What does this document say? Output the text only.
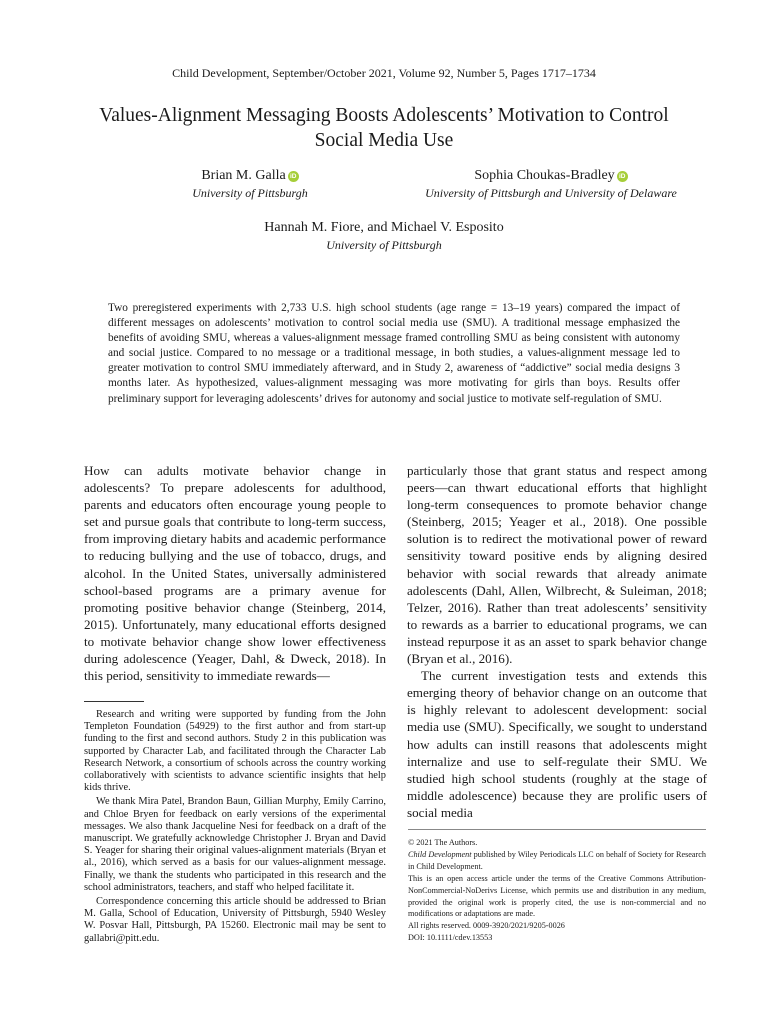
Child Development, September/October 2021, Volume 92, Number 5, Pages 1717–1734
Values-Alignment Messaging Boosts Adolescents’ Motivation to Control Social Media Use
Brian M. Galla iD
University of Pittsburgh
Sophia Choukas-Bradley iD
University of Pittsburgh and University of Delaware
Hannah M. Fiore, and Michael V. Esposito
University of Pittsburgh

Two preregistered experiments with 2,733 U.S. high school students (age range = 13–19 years) compared the impact of different messages on adolescents’ motivation to control social media use (SMU). A traditional message emphasized the benefits of avoiding SMU, whereas a values-alignment message framed controlling SMU as being consistent with autonomy and social justice. Compared to no message or a traditional message, in both studies, a values-alignment message led to greater motivation to control SMU immediately afterward, and in Study 2, awareness of “addictive” social media designs 3 months later. As hypothesized, values-alignment messaging was more motivating for girls than boys. Results offer preliminary support for leveraging adolescents’ drives for autonomy and social justice to motivate self-regulation of SMU.

How can adults motivate behavior change in adolescents? To prepare adolescents for adulthood, parents and educators often encourage young people to set and pursue goals that contribute to long-term success, from improving dietary habits and academic performance to reducing bullying and the use of tobacco, drugs, and alcohol. In the United States, universally administered school-based programs are a primary avenue for promoting positive behavior change (Steinberg, 2014, 2015). Unfortunately, many educational efforts designed to motivate behavior change show lower effectiveness during adolescence (Yeager, Dahl, & Dweck, 2018). In this period, sensitivity to immediate rewards—

particularly those that grant status and respect among peers—can thwart educational efforts that highlight long-term consequences to promote behavior change (Steinberg, 2015; Yeager et al., 2018). One possible solution is to redirect the motivational power of reward sensitivity toward positive ends by aligning desired behavior with social rewards that already animate adolescents (Dahl, Allen, Wilbrecht, & Suleiman, 2018; Telzer, 2016). Rather than treat adolescents’ sensitivity to rewards as a barrier to educational programs, we can instead repurpose it as an asset to spark behavior change (Bryan et al., 2016).

The current investigation tests and extends this emerging theory of behavior change on an outcome that is highly relevant to adolescent development: social media use (SMU). Specifically, we sought to understand how adults can instill reasons that adolescents might internalize and use to self-regulate their SMU. We studied high school students (roughly at the stage of middle adolescence) because they are prolific users of social media

Research and writing were supported by funding from the John Templeton Foundation (54929) to the first author and from start-up funding to the first and second authors. Study 2 in this publication was supported by Character Lab, and facilitated through the Character Lab Research Network, a consortium of schools across the country working collaboratively with scientists to advance scientific insights that help kids thrive.

We thank Mira Patel, Brandon Baun, Gillian Murphy, Emily Carrino, and Chloe Bryen for feedback on early versions of the experimental messages. We also thank Jacqueline Nesi for feedback on a draft of the manuscript. We gratefully acknowledge Christopher J. Bryan and David S. Yeager for sharing their original values-alignment materials (Bryan et al., 2016), which served as a basis for our values-alignment message. Finally, we thank the students who participated in this research and the school administrators, teachers, and staff who helped facilitate it.

Correspondence concerning this article should be addressed to Brian M. Galla, School of Education, University of Pittsburgh, 5940 Wesley W. Posvar Hall, Pittsburgh, PA 15260. Electronic mail may be sent to gallabri@pitt.edu.

© 2021 The Authors.

Child Development published by Wiley Periodicals LLC on behalf of Society for Research in Child Development.

This is an open access article under the terms of the Creative Commons Attribution-NonCommercial-NoDerivs License, which permits use and distribution in any medium, provided the original work is properly cited, the use is non-commercial and no modifications or adaptations are made.

All rights reserved. 0009-3920/2021/9205-0026

DOI: 10.1111/cdev.13553
